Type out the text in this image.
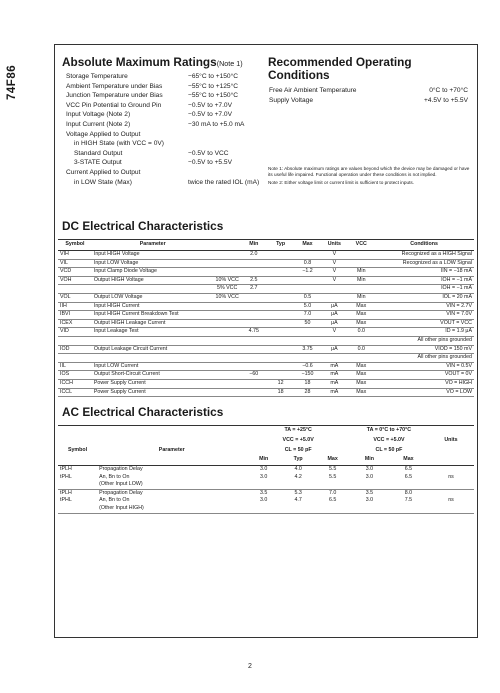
74F86
Absolute Maximum Ratings(Note 1)
Storage Temperature	−65°C to +150°C
Ambient Temperature under Bias	−55°C to +125°C
Junction Temperature under Bias	−55°C to +150°C
VCC Pin Potential to Ground Pin	−0.5V to +7.0V
Input Voltage (Note 2)	−0.5V to +7.0V
Input Current (Note 2)	−30 mA to +5.0 mA
Voltage Applied to Output
in HIGH State (with VCC = 0V)
Standard Output	−0.5V to VCC
3-STATE Output	−0.5V to +5.5V
Current Applied to Output
in LOW State (Max)	twice the rated IOL (mA)
Recommended Operating
Conditions
Free Air Ambient Temperature	0°C to +70°C
Supply Voltage	+4.5V to +5.5V

Note 1: Absolute maximum ratings are values beyond which the device may be damaged or have its useful life impaired. Functional operation under these conditions is not implied.

Note 2: Either voltage limit or current limit is sufficient to protect inputs.

DC Electrical Characteristics
Symbol	Parameter		Min	Typ	Max	Units	VCC	Conditions
VIH	Input HIGH Voltage		2.0			V		Recognized as a HIGH Signal
VIL	Input LOW Voltage				0.8	V		Recognized as a LOW Signal
VCD	Input Clamp Diode Voltage				−1.2	V	Min	IIN = −18 mA
VOH	Output HIGH Voltage	10% VCC	2.5			V	Min	IOH = −1 mA
		5% VCC	2.7					IOH = −1 mA
VOL	Output LOW Voltage	10% VCC			0.5		Min	IOL = 20 mA
IIH	Input HIGH Current				5.0	μA	Max	VIN = 2.7V
IBVI	Input HIGH Current Breakdown Test				7.0	μA	Max	VIN = 7.0V
ICEX	Output HIGH Leakage Current				50	μA	Max	VOUT = VCC
VID	Input Leakage Test		4.75			V	0.0	ID = 1.9 μA
								All other pins grounded
IOD	Output Leakage Circuit Current				3.75	μA	0.0	VIOD = 150 mV
								All other pins grounded
IIL	Input LOW Current				−0.6	mA	Max	VIN = 0.5V
IOS	Output Short-Circuit Current		−60		−150	mA	Max	VOUT = 0V
ICCH	Power Supply Current			12	18	mA	Max	VO = HIGH
ICCL	Power Supply Current			18	28	mA	Max	VO = LOW
AC Electrical Characteristics
		TA = +25°C			TA = 0°C to +70°C		
		VCC = +5.0V			VCC = +5.0V		Units
Symbol	Parameter	CL = 50 pF			CL = 50 pF		
		Min	Typ	Max	Min	Max	
tPLH	Propagation Delay	3.0	4.0	5.5	3.0	6.5	
tPHL	An, Bn to On	3.0	4.2	5.5	3.0	6.5	ns
	(Other Input LOW)						
tPLH	Propagation Delay	3.5	5.3	7.0	3.5	8.0	
tPHL	An, Bn to On	3.0	4.7	6.5	3.0	7.5	ns
	(Other Input HIGH)						
2
